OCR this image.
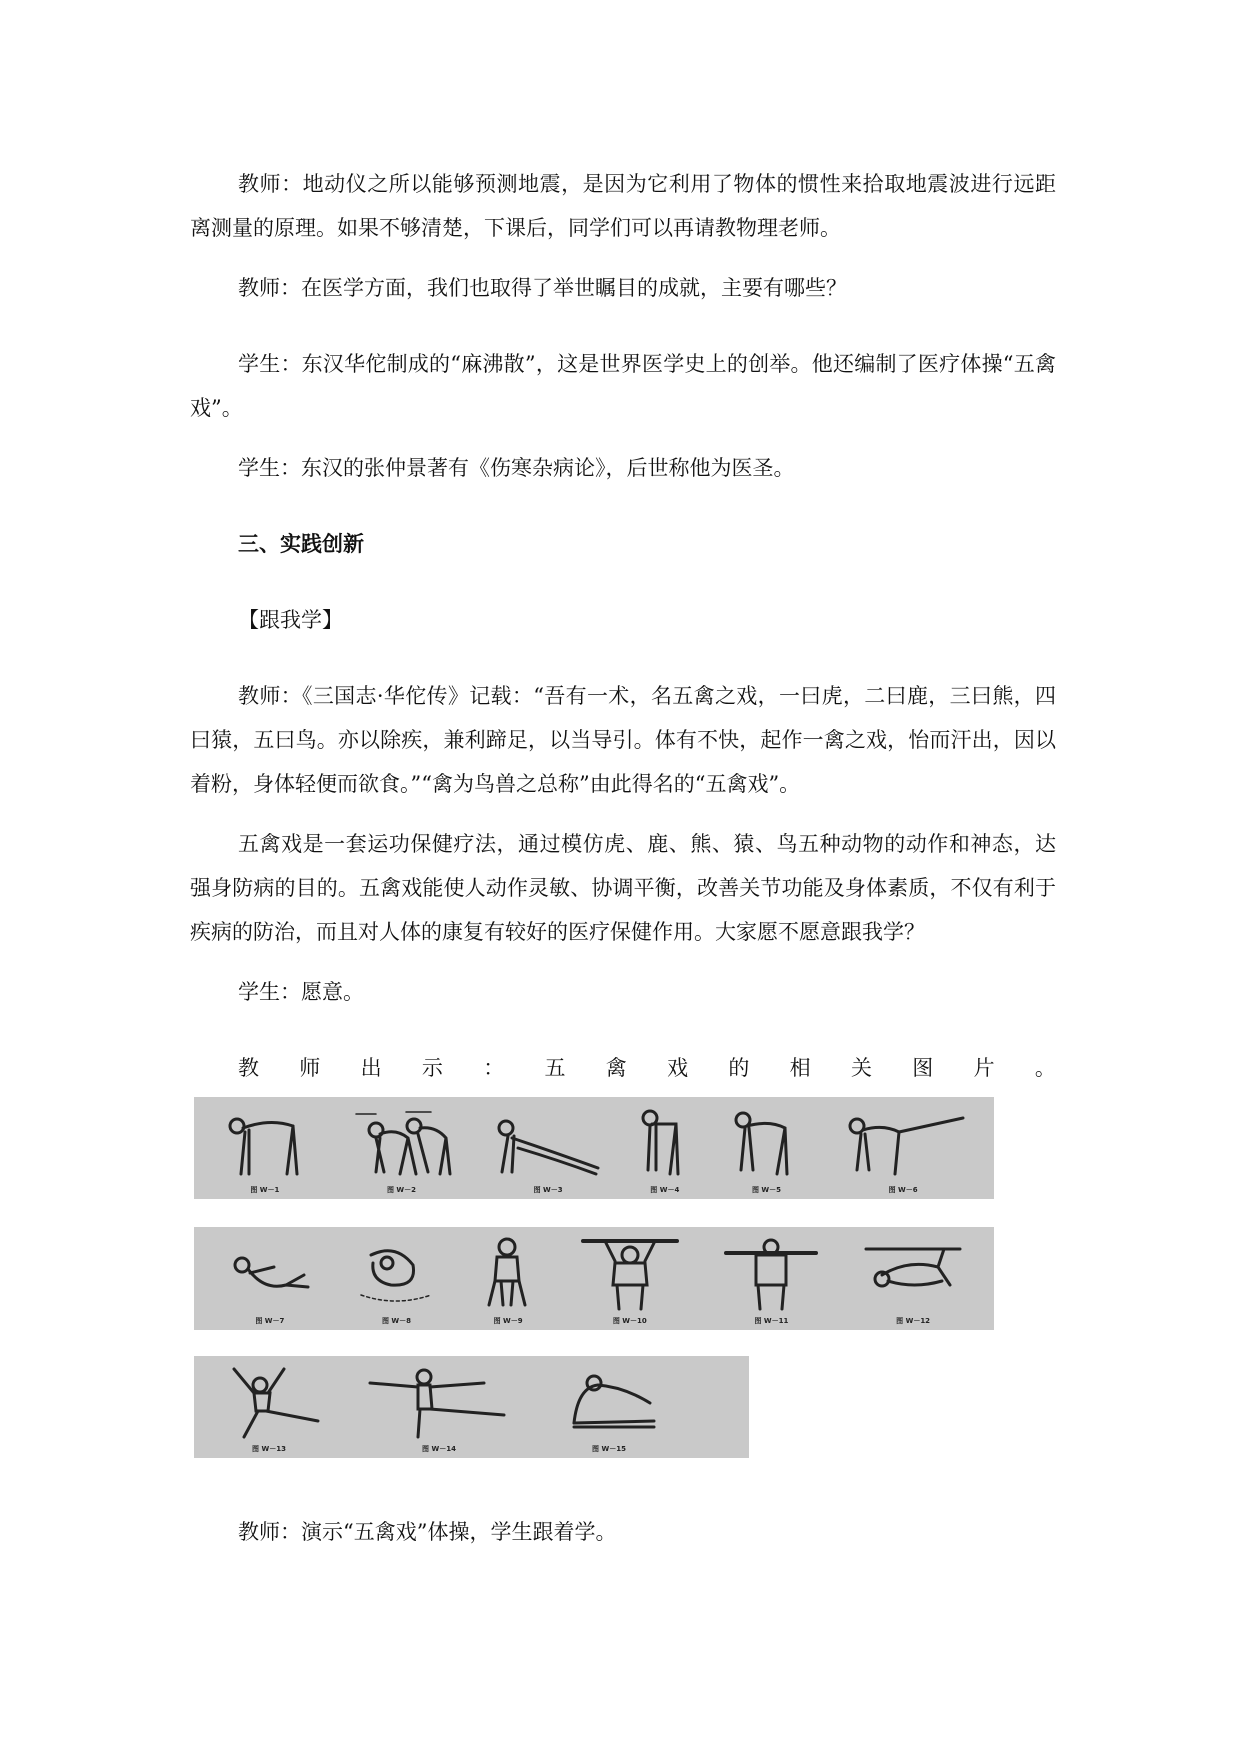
教师：地动仪之所以能够预测地震，是因为它利用了物体的惯性来拾取地震波进行远距离测量的原理。如果不够清楚，下课后，同学们可以再请教物理老师。

教师：在医学方面，我们也取得了举世瞩目的成就，主要有哪些？

学生：东汉华佗制成的“麻沸散”，这是世界医学史上的创举。他还编制了医疗体操“五禽戏”。

学生：东汉的张仲景著有《伤寒杂病论》，后世称他为医圣。

三、实践创新

【跟我学】

教师：《三国志·华佗传》记载：“吾有一术，名五禽之戏，一曰虎，二曰鹿，三曰熊，四曰猿，五曰鸟。亦以除疾，兼利蹄足，以当导引。体有不快，起作一禽之戏，怡而汗出，因以着粉，身体轻便而欲食。”“禽为鸟兽之总称”由此得名的“五禽戏”。

五禽戏是一套运功保健疗法，通过模仿虎、鹿、熊、猿、鸟五种动物的动作和神态，达强身防病的目的。五禽戏能使人动作灵敏、协调平衡，改善关节功能及身体素质，不仅有利于疾病的防治，而且对人体的康复有较好的医疗保健作用。大家愿不愿意跟我学？

学生：愿意。

教 师 出 示 ： 五 禽 戏 的 相 关 图 片 。
图 W－1	图 W－2	图 W－3	图 W－4	图 W－5	图 W－6
图 W－7	图 W－8	图 W－9	图 W－10	图 W－11	图 W－12
图 W－13	图 W－14	图 W－15

教师：演示“五禽戏”体操，学生跟着学。
